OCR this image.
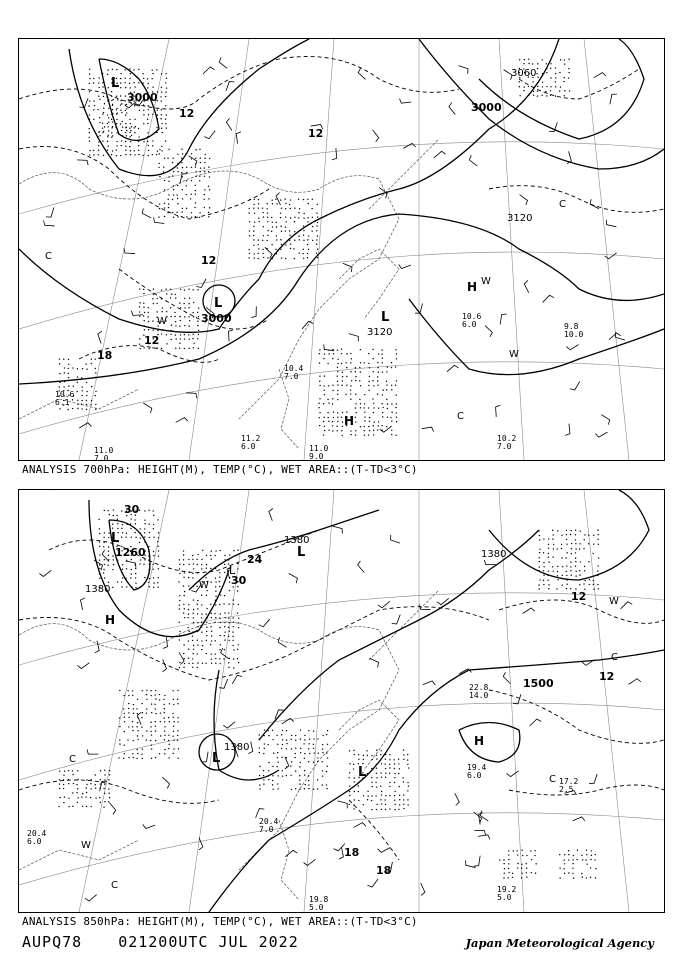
3000
3000
3000
3060
3120
3120
12
12
12
12
18
L
L
L
H
H
W
W
C
C
C
W
10.2
7.0
9.8
10.0
10.6
6.0
11.0
7.0
10.6
6.1
11.2
6.0
10.4
7.0
11.0
9.0
ANALYSIS 700hPa: HEIGHT(M), TEMP(°C), WET AREA::(T-TD<3°C)
1260
1380
1380
1380
1380
1500
30
24
30
12
12
18
18
L
L
L
L
L
H
H
W
W
W
C
C
C
C
19.2
5.0
17.2
2.5
19.4
6.0
22.8
14.0
20.4
7.0
19.8
5.0
20.4
6.0
ANALYSIS 850hPa: HEIGHT(M), TEMP(°C), WET AREA::(T-TD<3°C)
AUPQ78 021200UTC JUL 2022	Japan Meteorological Agency
